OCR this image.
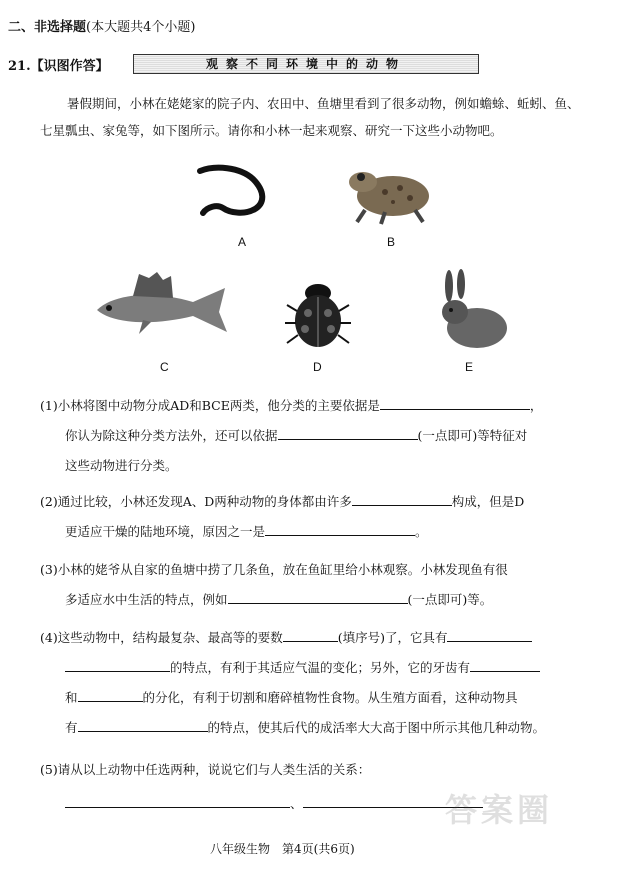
二、非选择题(本大题共4个小题)
21.【识图作答】	观察不同环境中的动物
暑假期间，小林在姥姥家的院子内、农田中、鱼塘里看到了很多动物，例如蟾蜍、蚯蚓、鱼、七星瓢虫、家兔等，如下图所示。请你和小林一起来观察、研究一下这些小动物吧。
A	B
C	D	E
(1)小林将图中动物分成AD和BCE两类，他分类的主要依据是	，
你认为除这种分类方法外，还可以依据	(一点即可)等特征对
这些动物进行分类。
(2)通过比较，小林还发现A、D两种动物的身体都由许多	构成，但是D
更适应干燥的陆地环境，原因之一是	。
(3)小林的姥爷从自家的鱼塘中捞了几条鱼，放在鱼缸里给小林观察。小林发现鱼有很
多适应水中生活的特点，例如	(一点即可)等。
(4)这些动物中，结构最复杂、最高等的要数	(填序号)了，它具有
的特点，有利于其适应气温的变化；另外，它的牙齿有
和	的分化，有利于切割和磨碎植物性食物。从生殖方面看，这种动物具
有	的特点，使其后代的成活率大大高于图中所示其他几种动物。
(5)请从以上动物中任选两种，说说它们与人类生活的关系：
、	答案圈
八年级生物　第4页(共6页)
